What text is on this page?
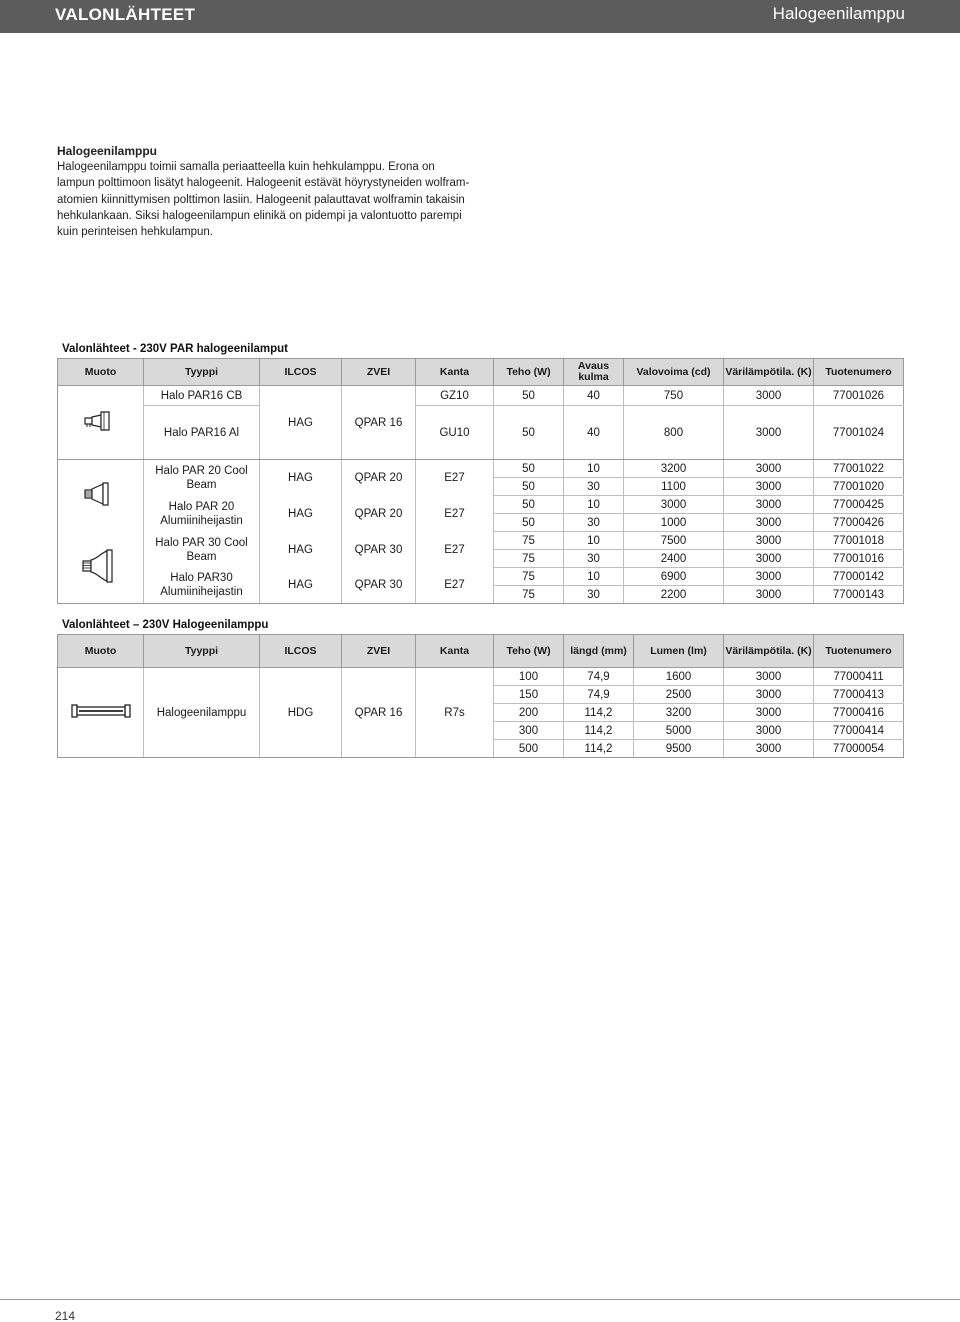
VALONLÄHTEET	Halogeenilamppu
Halogeenilamppu
Halogeenilamppu toimii samalla periaatteella kuin hehkulamppu. Erona on
lampun polttimoon lisätyt halogeenit. Halogeenit estävät höyrystyneiden wolfram-
atomien kiinnittymisen polttimon lasiin. Halogeenit palauttavat wolframin takaisin
hehkulankaan. Siksi halogeenilampun elinikä on pidempi ja valontuotto parempi
kuin perinteisen hehkulampun.
Valonlähteet - 230V PAR halogeenilamput
Muoto	Tyyppi	ILCOS	ZVEI	Kanta	Teho (W)	Avaus kulma	Valovoima (cd)	Värilämpötila. (K)	Tuotenumero
	Halo PAR16 CB	HAG	QPAR 16	GZ10	50	40	750	3000	77001026
	Halo PAR16 Al			GU10	50	40	800	3000	77001024
	Halo PAR 20 Cool Beam	HAG	QPAR 20	E27	50	10	3200	3000	77001022
					50	30	1100	3000	77001020
	Halo PAR 20 Alumiiniheijastin	HAG	QPAR 20	E27	50	10	3000	3000	77000425
					50	30	1000	3000	77000426
	Halo PAR 30 Cool Beam	HAG	QPAR 30	E27	75	10	7500	3000	77001018
					75	30	2400	3000	77001016
	Halo PAR30 Alumiiniheijastin	HAG	QPAR 30	E27	75	10	6900	3000	77000142
					75	30	2200	3000	77000143
Valonlähteet – 230V Halogeenilamppu
Muoto	Tyyppi	ILCOS	ZVEI	Kanta	Teho (W)	längd (mm)	Lumen (lm)	Värilämpötila. (K)	Tuotenumero
	Halogeenilamppu	HDG	QPAR 16	R7s	100	74,9	1600	3000	77000411
					150	74,9	2500	3000	77000413
					200	114,2	3200	3000	77000416
					300	114,2	5000	3000	77000414
					500	114,2	9500	3000	77000054
214
